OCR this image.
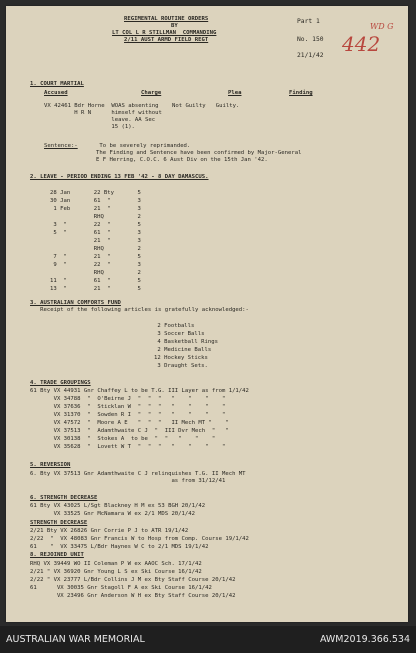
REGIMENTAL ROUTINE ORDERS
BY
LT COL L R STILLMAN  COMMANDING
2/11 AUST ARMD FIELD REGT
Part 1
No. 150
21/1/42 442
WD G
1. COURT MARTIAL
Accused	Charge	Plea	Finding
VX 42461 Bdr Horne  WOAS absenting    Not Guilty   Guilty.
H R N      himself without
leave. AA Sec
15 (1).
Sentence:-	To be severely reprimanded.
The Finding and Sentence have been confirmed by Major-General
E F Herring, C.O.C. 6 Aust Div on the 15th Jan '42.
2. LEAVE - PERIOD ENDING 13 FEB '42 - 8 DAY DAMASCUS.
28 Jan       22 Bty       5
30 Jan       61  "        3
1 Feb       21  "        3
RHQ          2
3  "        22  "        5
5  "        61  "        3
21  "        3
RHQ          2
7  "        21  "        5
9  "        22  "        3
RHQ          2
11  "        61  "        5
13  "        21  "        5
3. AUSTRALIAN COMFORTS FUND
Receipt of the following articles is gratefully acknowledged:-
2 Footballs
3 Soccer Balls
4 Basketball Rings
2 Medicine Balls
12 Hockey Sticks
3 Draught Sets.
4. TRADE GROUPINGS
61 Bty VX 44931 Gnr Chaffey L to be T.G. III Layer as from 1/1/42
VX 34788  "  O'Beirne J  "  "  "   "    "    "    "
VX 37636  "  Sticklan W  "  "  "   "    "    "    "
VX 31370  "  Sowden R I  "  "  "   "    "    "    "
VX 47572  "  Moore A E   "  "  "   II Mech MT "    "
VX 37513  "  Adamthwaite C J  "  III Dvr Mech  "   "
VX 30138  "  Stokes A  to be  "  "   "    "    "
VX 35628  "  Lovett W T  "  "  "   "    "    "    "
5. REVERSION
6. Bty VX 37513 Gnr Adamthwaite C J relinquishes T.G. II Mech MT
as from 31/12/41
6. STRENGTH DECREASE
61 Bty VX 43025 L/Sgt Blackney H M ex 53 BGH 20/1/42
VX 33525 Gnr McNamara W ex 2/1 MDS 20/1/42
STRENGTH DECREASE
2/21 Bty VX 26826 Gnr Corrie P J to ATR 19/1/42
2/22  "  VX 48083 Gnr Francis W to Hosp from Comp. Course 19/1/42
61    "  VX 33475 L/Bdr Haynes W C to 2/1 MDS 19/1/42
8. REJOINED UNIT
RHQ VX 39449 WO II Coleman P W ex AAOC Sch. 17/1/42
2/21 " VX 36920 Gnr Young L S ex Ski Course 16/1/42
2/22 " VX 23777 L/Bdr Collins J M ex Bty Staff Course 20/1/42
61      VX 30035 Gnr Stagoll F A ex Ski Course 16/1/42
VX 23496 Gnr Anderson W H ex Bty Staff Course 20/1/42
AUSTRALIAN WAR MEMORIAL	AWM2019.366.534
